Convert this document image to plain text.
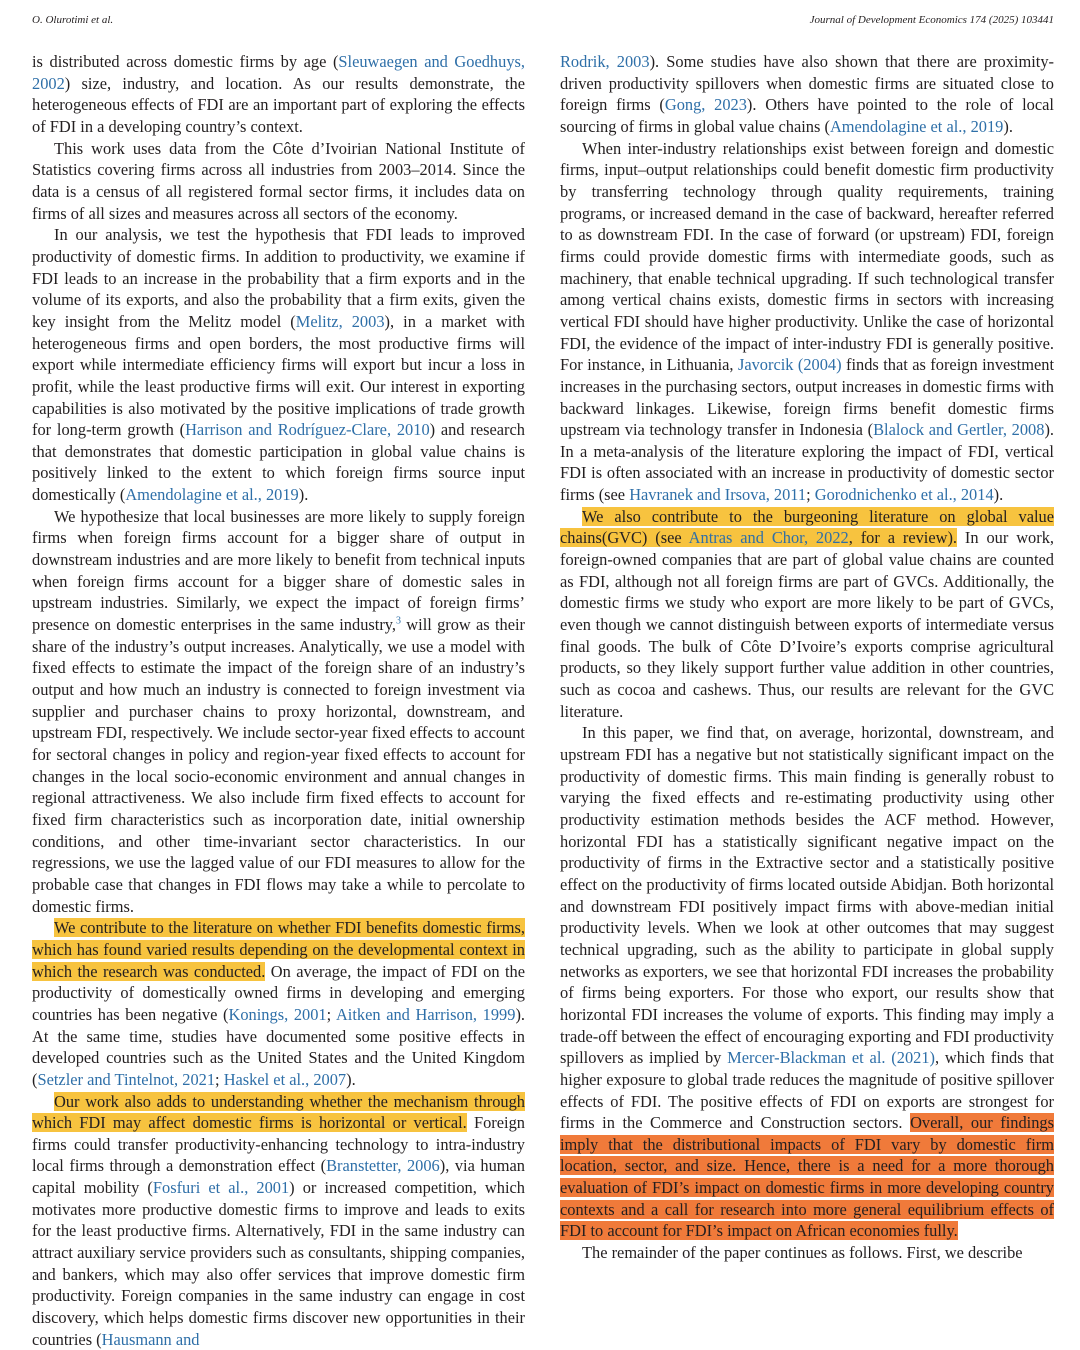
O. Olurotimi et al.	Journal of Development Economics 174 (2025) 103441

is distributed across domestic firms by age (Sleuwaegen and Goedhuys, 2002) size, industry, and location. As our results demonstrate, the heterogeneous effects of FDI are an important part of exploring the effects of FDI in a developing country’s context.

This work uses data from the Côte d’Ivoirian National Institute of Statistics covering firms across all industries from 2003–2014. Since the data is a census of all registered formal sector firms, it includes data on firms of all sizes and measures across all sectors of the economy.

In our analysis, we test the hypothesis that FDI leads to improved productivity of domestic firms. In addition to productivity, we examine if FDI leads to an increase in the probability that a firm exports and in the volume of its exports, and also the probability that a firm exits, given the key insight from the Melitz model (Melitz, 2003), in a market with heterogeneous firms and open borders, the most productive firms will export while intermediate efficiency firms will export but incur a loss in profit, while the least productive firms will exit. Our interest in exporting capabilities is also motivated by the positive implications of trade growth for long-term growth (Harrison and Rodríguez-Clare, 2010) and research that demonstrates that domestic participation in global value chains is positively linked to the extent to which foreign firms source input domestically (Amendolagine et al., 2019).

We hypothesize that local businesses are more likely to supply foreign firms when foreign firms account for a bigger share of output in downstream industries and are more likely to benefit from technical inputs when foreign firms account for a bigger share of domestic sales in upstream industries. Similarly, we expect the impact of foreign firms’ presence on domestic enterprises in the same industry,$^3$ will grow as their share of the industry’s output increases. Analytically, we use a model with fixed effects to estimate the impact of the foreign share of an industry’s output and how much an industry is connected to foreign investment via supplier and purchaser chains to proxy horizontal, downstream, and upstream FDI, respectively. We include sector-year fixed effects to account for sectoral changes in policy and region-year fixed effects to account for changes in the local socio-economic environment and annual changes in regional attractiveness. We also include firm fixed effects to account for fixed firm characteristics such as incorporation date, initial ownership conditions, and other time-invariant sector characteristics. In our regressions, we use the lagged value of our FDI measures to allow for the probable case that changes in FDI flows may take a while to percolate to domestic firms.

We contribute to the literature on whether FDI benefits domestic firms, which has found varied results depending on the developmental context in which the research was conducted. On average, the impact of FDI on the productivity of domestically owned firms in developing and emerging countries has been negative (Konings, 2001; Aitken and Harrison, 1999). At the same time, studies have documented some positive effects in developed countries such as the United States and the United Kingdom (Setzler and Tintelnot, 2021; Haskel et al., 2007).

Our work also adds to understanding whether the mechanism through which FDI may affect domestic firms is horizontal or vertical. Foreign firms could transfer productivity-enhancing technology to intra-industry local firms through a demonstration effect (Branstetter, 2006), via human capital mobility (Fosfuri et al., 2001) or increased competition, which motivates more productive domestic firms to improve and leads to exits for the least productive firms. Alternatively, FDI in the same industry can attract auxiliary service providers such as consultants, shipping companies, and bankers, which may also offer services that improve domestic firm productivity. Foreign companies in the same industry can engage in cost discovery, which helps domestic firms discover new opportunities in their countries (Hausmann and

Rodrik, 2003). Some studies have also shown that there are proximity-driven productivity spillovers when domestic firms are situated close to foreign firms (Gong, 2023). Others have pointed to the role of local sourcing of firms in global value chains (Amendolagine et al., 2019).

When inter-industry relationships exist between foreign and domestic firms, input–output relationships could benefit domestic firm productivity by transferring technology through quality requirements, training programs, or increased demand in the case of backward, hereafter referred to as downstream FDI. In the case of forward (or upstream) FDI, foreign firms could provide domestic firms with intermediate goods, such as machinery, that enable technical upgrading. If such technological transfer among vertical chains exists, domestic firms in sectors with increasing vertical FDI should have higher productivity. Unlike the case of horizontal FDI, the evidence of the impact of inter-industry FDI is generally positive. For instance, in Lithuania, Javorcik (2004) finds that as foreign investment increases in the purchasing sectors, output increases in domestic firms with backward linkages. Likewise, foreign firms benefit domestic firms upstream via technology transfer in Indonesia (Blalock and Gertler, 2008). In a meta-analysis of the literature exploring the impact of FDI, vertical FDI is often associated with an increase in productivity of domestic sector firms (see Havranek and Irsova, 2011; Gorodnichenko et al., 2014).

We also contribute to the burgeoning literature on global value chains(GVC) (see Antras and Chor, 2022, for a review). In our work, foreign-owned companies that are part of global value chains are counted as FDI, although not all foreign firms are part of GVCs. Additionally, the domestic firms we study who export are more likely to be part of GVCs, even though we cannot distinguish between exports of intermediate versus final goods. The bulk of Côte D’Ivoire’s exports comprise agricultural products, so they likely support further value addition in other countries, such as cocoa and cashews. Thus, our results are relevant for the GVC literature.

In this paper, we find that, on average, horizontal, downstream, and upstream FDI has a negative but not statistically significant impact on the productivity of domestic firms. This main finding is generally robust to varying the fixed effects and re-estimating productivity using other productivity estimation methods besides the ACF method. However, horizontal FDI has a statistically significant negative impact on the productivity of firms in the Extractive sector and a statistically positive effect on the productivity of firms located outside Abidjan. Both horizontal and downstream FDI positively impact firms with above-median initial productivity levels. When we look at other outcomes that may suggest technical upgrading, such as the ability to participate in global supply networks as exporters, we see that horizontal FDI increases the probability of firms being exporters. For those who export, our results show that horizontal FDI increases the volume of exports. This finding may imply a trade-off between the effect of encouraging exporting and FDI productivity spillovers as implied by Mercer-Blackman et al. (2021), which finds that higher exposure to global trade reduces the magnitude of positive spillover effects of FDI. The positive effects of FDI on exports are strongest for firms in the Commerce and Construction sectors. Overall, our findings imply that the distributional impacts of FDI vary by domestic firm location, sector, and size. Hence, there is a need for a more thorough evaluation of FDI’s impact on domestic firms in more developing country contexts and a call for research into more general equilibrium effects of FDI to account for FDI’s impact on African economies fully.

The remainder of the paper continues as follows. First, we describe
